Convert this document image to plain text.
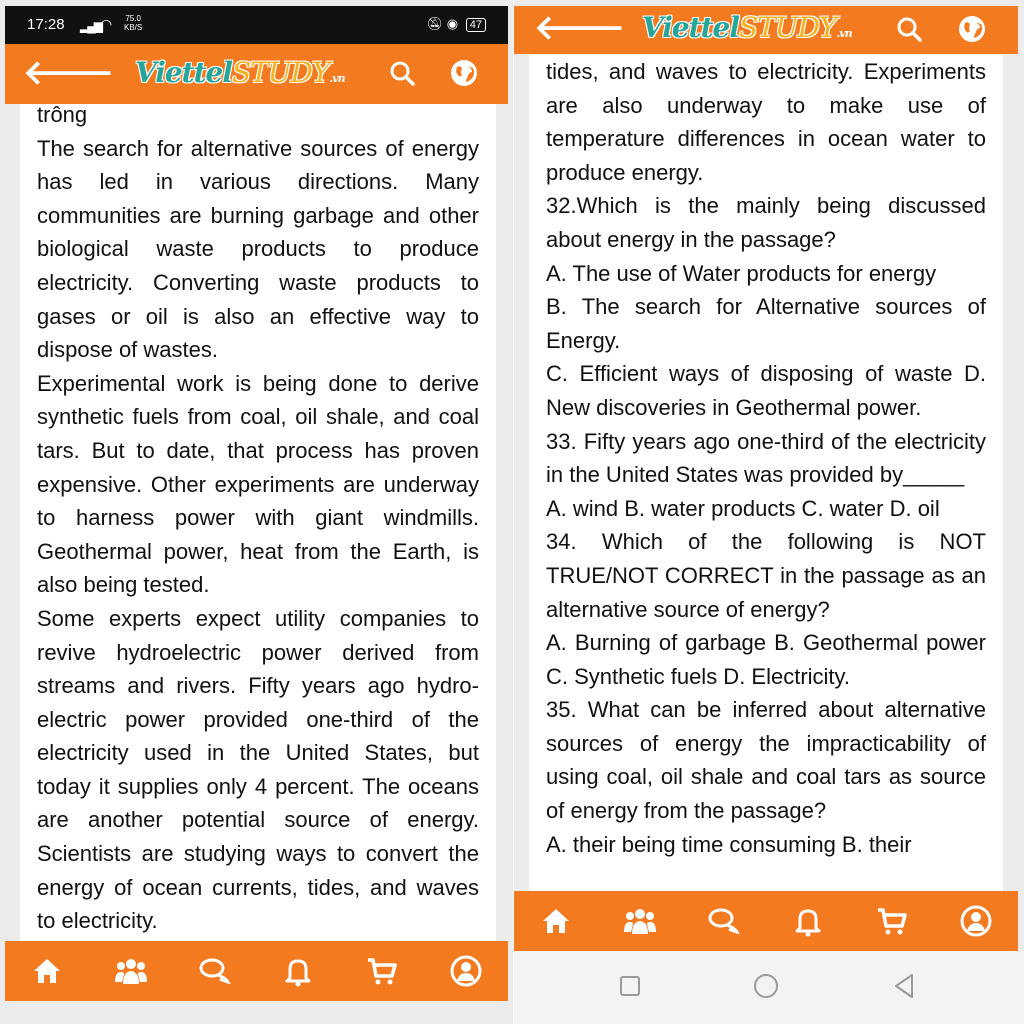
17:28 ▂▄▆ ◠ 75.0
KB/S	🔕︎ ◉ 47
🡐 ViettelSTUDY.vn

trông

The search for alternative sources of energy has led in various directions. Many communities are burning garbage and other biological waste products to produce electricity. Converting waste products to gases or oil is also an effective way to dispose of wastes.

Experimental work is being done to derive synthetic fuels from coal, oil shale, and coal tars. But to date, that process has proven expensive. Other experiments are underway to harness power with giant windmills. Geothermal power, heat from the Earth, is also being tested.

Some experts expect utility companies to revive hydroelectric power derived from streams and rivers. Fifty years ago hydro-electric power provided one-third of the electricity used in the United States, but today it supplies only 4 percent. The oceans are another potential source of energy. Scientists are studying ways to convert the energy of ocean currents, tides, and waves to electricity.

🡐 ViettelSTUDY.vn

tides, and waves to electricity. Experiments are also underway to make use of temperature differences in ocean water to produce energy.

32.Which is the mainly being discussed about energy in the passage?

A. The use of Water products for energy

B. The search for Alternative sources of Energy.

C. Efficient ways of disposing of waste D. New discoveries in Geothermal power.

33. Fifty years ago one-third of the electricity in the United States was provided by_____

A. wind B. water products C. water D. oil

34. Which of the following is NOT TRUE/NOT CORRECT in the passage as an alternative source of energy?

A. Burning of garbage B. Geothermal power C. Synthetic fuels D. Electricity.

35. What can be inferred about alternative sources of energy the impracticability of using coal, oil shale and coal tars as source of energy from the passage?

A. their being time consuming B. their
